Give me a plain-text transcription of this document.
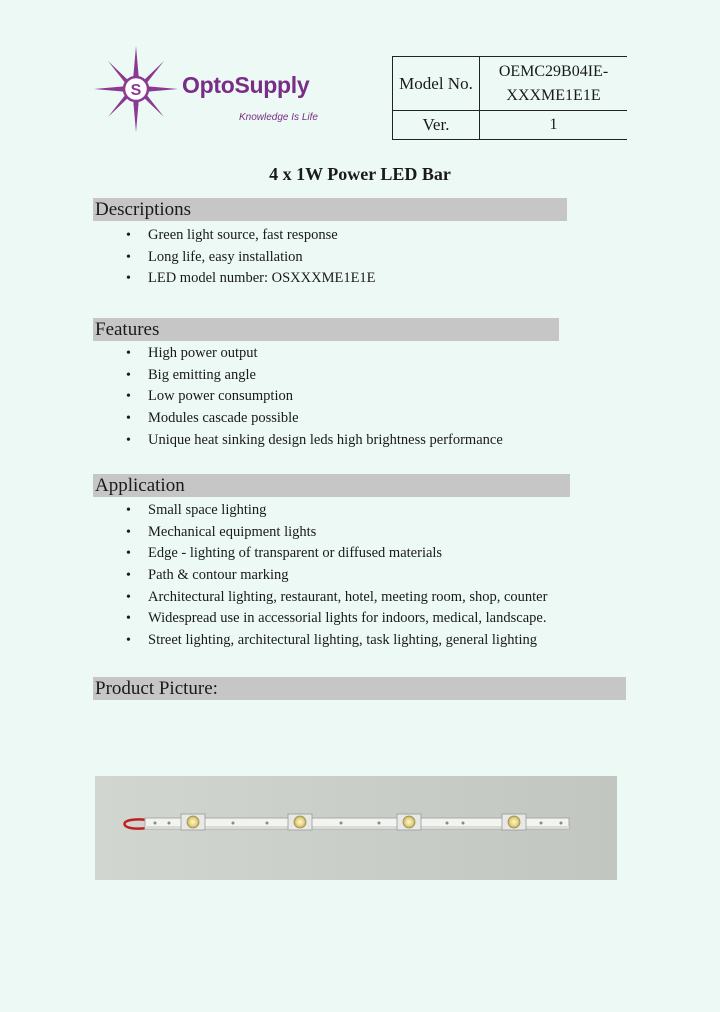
S OptoSupply
Knowledge Is Life
Model No.
OEMC29B04IE-
XXXME1E1E
Ver.	1
4 x 1W Power LED Bar
Descriptions
• Green light source, fast response
• Long life, easy installation
• LED model number: OSXXXME1E1E
Features
• High power output
• Big emitting angle
• Low power consumption
• Modules cascade possible
• Unique heat sinking design leds high brightness performance
Application
• Small space lighting
• Mechanical equipment lights
• Edge - lighting of transparent or diffused materials
• Path & contour marking
• Architectural lighting, restaurant, hotel, meeting room, shop, counter
• Widespread use in accessorial lights for indoors, medical, landscape.
• Street lighting, architectural lighting, task lighting, general lighting
Product Picture:
